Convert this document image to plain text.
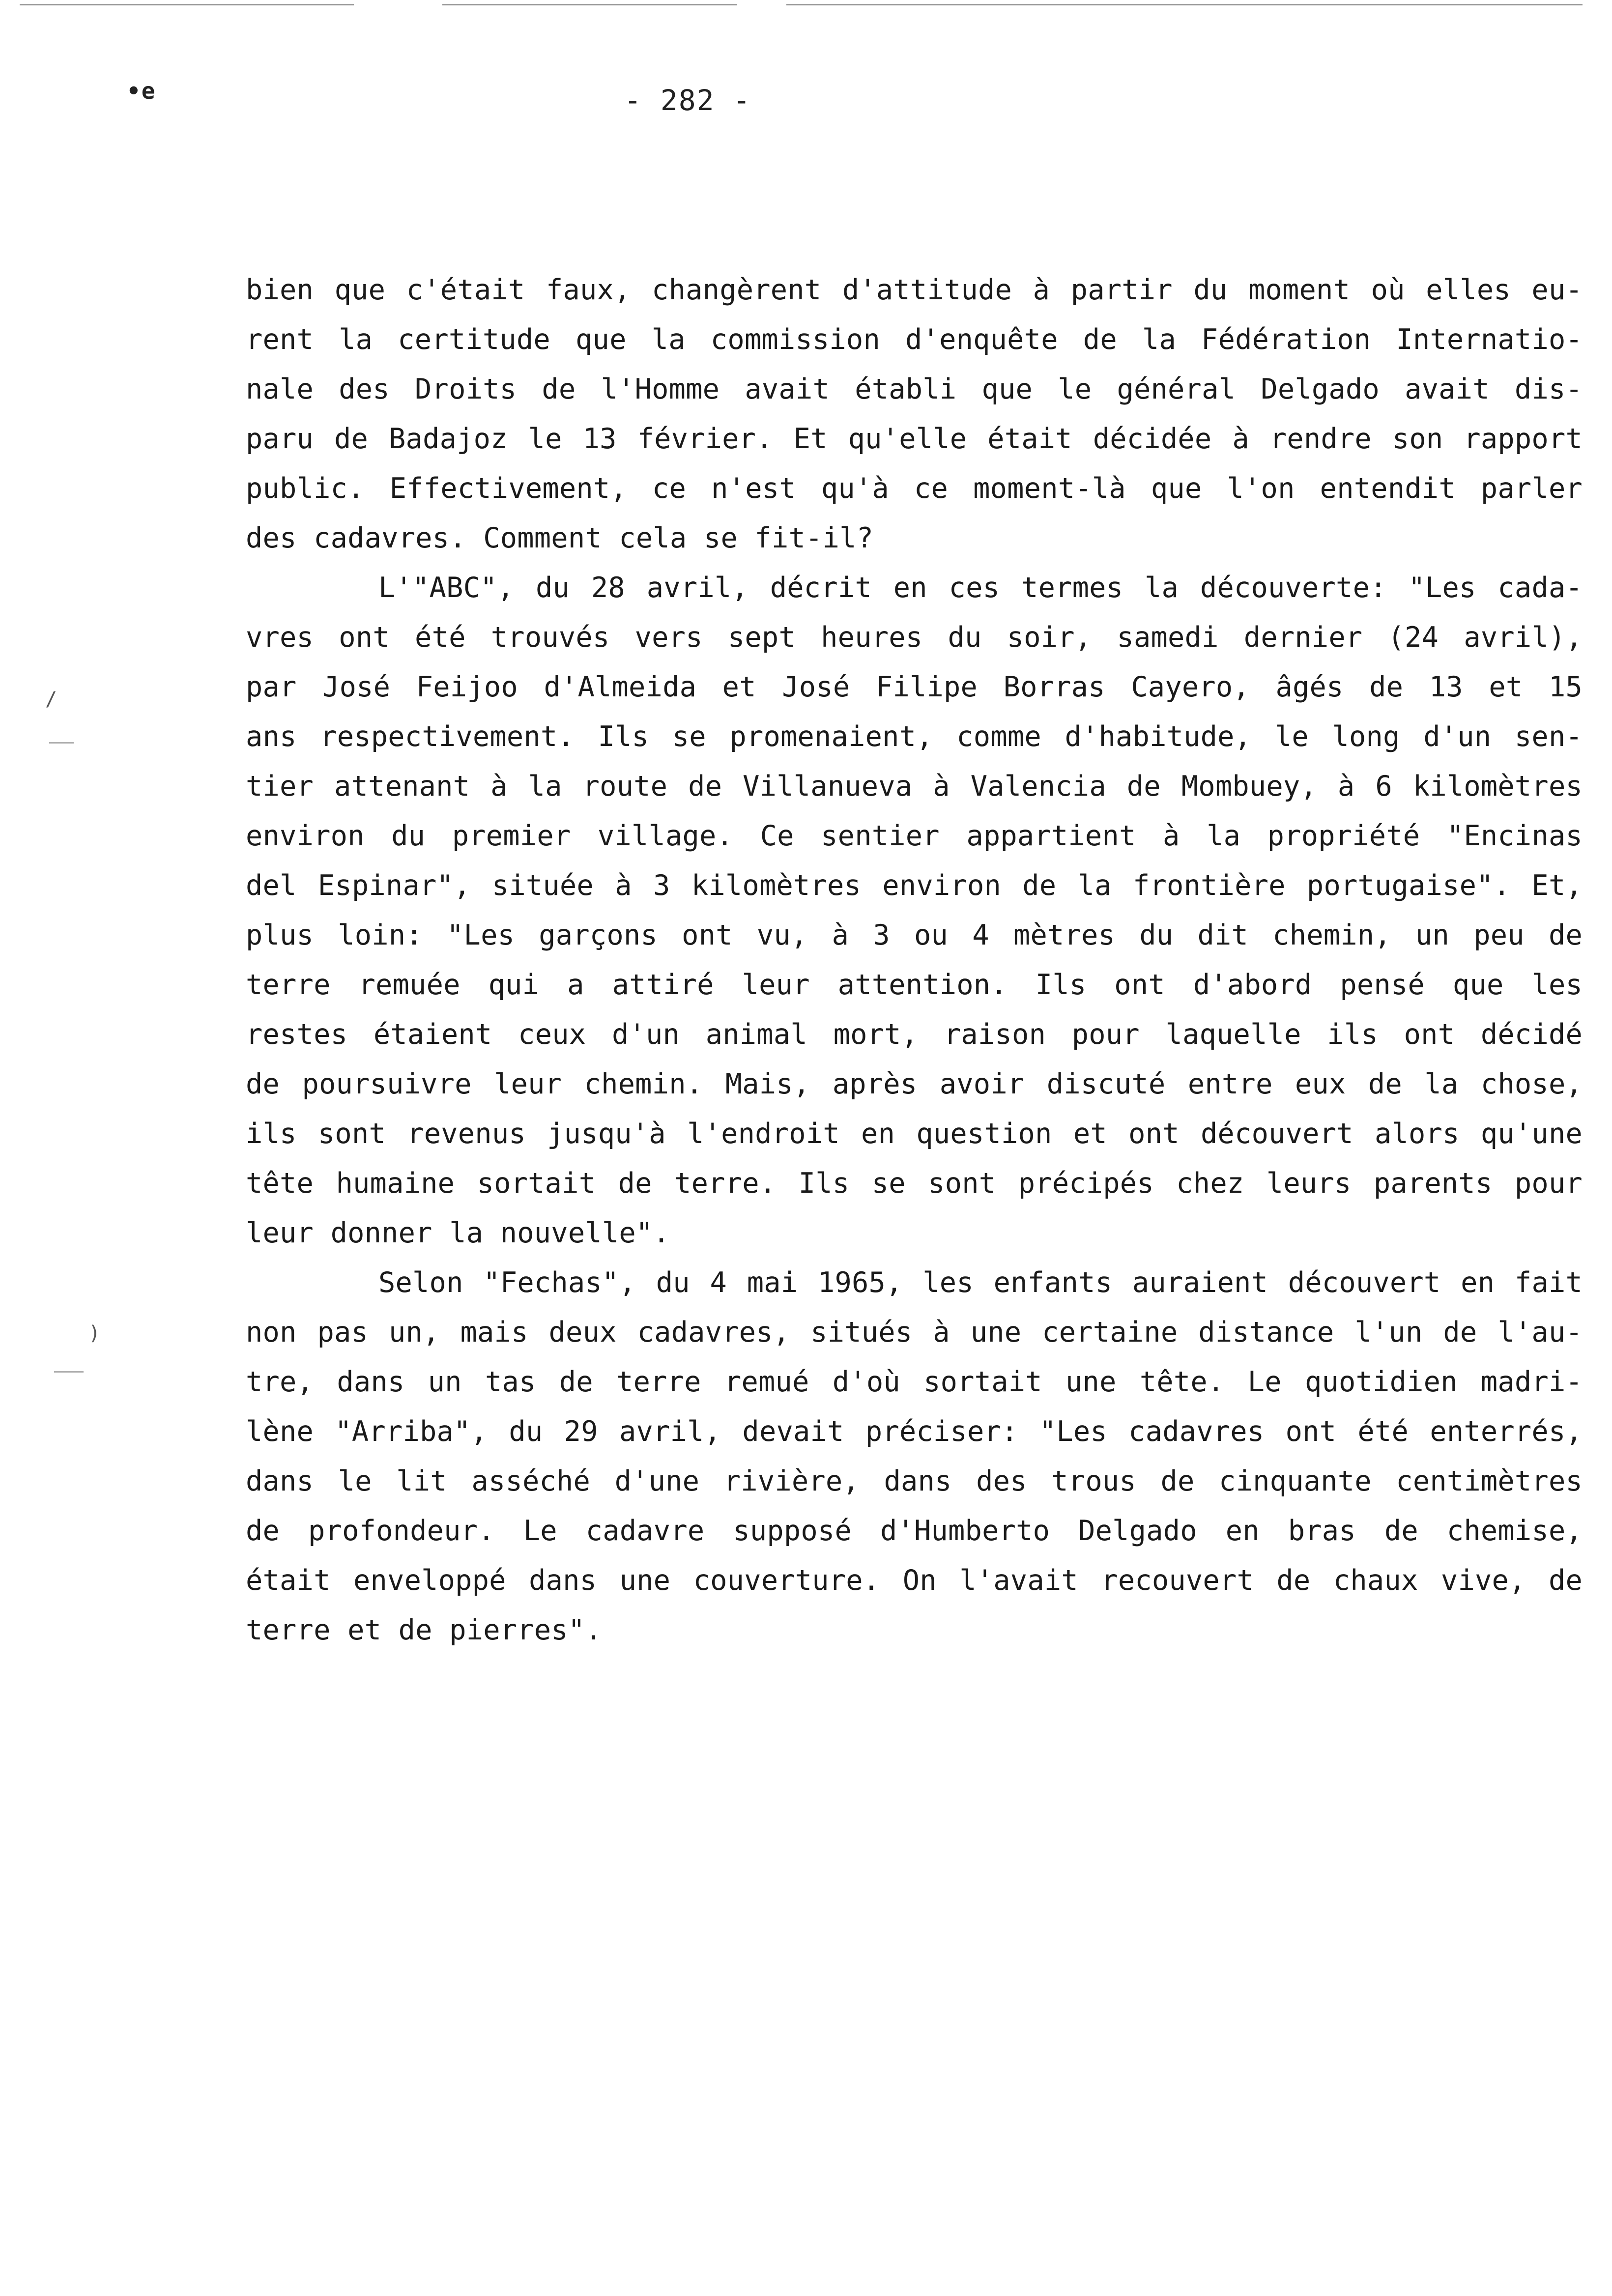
•e	- 282 -
/
)
bien que c'était faux, changèrent d'attitude à partir du moment où elles eu-
rent la certitude que la commission d'enquête de la Fédération Internatio-
nale des Droits de l'Homme avait établi que le général Delgado avait dis-
paru de Badajoz le 13 février. Et qu'elle était décidée à rendre son rapport
public. Effectivement, ce n'est qu'à ce moment-là que l'on entendit parler
des cadavres. Comment cela se fit-il?
L'"ABC", du 28 avril, décrit en ces termes la découverte: "Les cada-
vres ont été trouvés vers sept heures du soir, samedi dernier (24 avril),
par José Feijoo d'Almeida et José Filipe Borras Cayero, âgés de 13 et 15
ans respectivement. Ils se promenaient, comme d'habitude, le long d'un sen-
tier attenant à la route de Villanueva à Valencia de Mombuey, à 6 kilomètres
environ du premier village. Ce sentier appartient à la propriété "Encinas
del Espinar", située à 3 kilomètres environ de la frontière portugaise". Et,
plus loin: "Les garçons ont vu, à 3 ou 4 mètres du dit chemin, un peu de
terre remuée qui a attiré leur attention. Ils ont d'abord pensé que les
restes étaient ceux d'un animal mort, raison pour laquelle ils ont décidé
de poursuivre leur chemin. Mais, après avoir discuté entre eux de la chose,
ils sont revenus jusqu'à l'endroit en question et ont découvert alors qu'une
tête humaine sortait de terre. Ils se sont précipés chez leurs parents pour
leur donner la nouvelle".
Selon "Fechas", du 4 mai 1965, les enfants auraient découvert en fait
non pas un, mais deux cadavres, situés à une certaine distance l'un de l'au-
tre, dans un tas de terre remué d'où sortait une tête. Le quotidien madri-
lène "Arriba", du 29 avril, devait préciser: "Les cadavres ont été enterrés,
dans le lit asséché d'une rivière, dans des trous de cinquante centimètres
de profondeur. Le cadavre supposé d'Humberto Delgado en bras de chemise,
était enveloppé dans une couverture. On l'avait recouvert de chaux vive, de
terre et de pierres".
